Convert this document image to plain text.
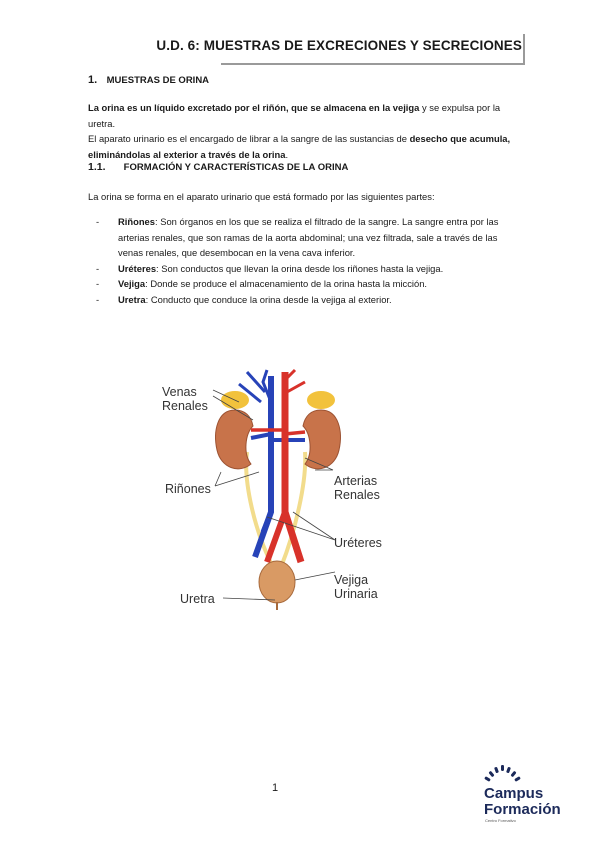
U.D. 6: MUESTRAS DE EXCRECIONES Y SECRECIONES
1. MUESTRAS DE ORINA
La orina es un líquido excretado por el riñón, que se almacena en la vejiga y se expulsa por la uretra.
El aparato urinario es el encargado de librar a la sangre de las sustancias de desecho que acumula, eliminándolas al exterior a través de la orina.
1.1. FORMACIÓN Y CARACTERÍSTICAS DE LA ORINA
La orina se forma en el aparato urinario que está formado por las siguientes partes:
-	Riñones: Son órganos en los que se realiza el filtrado de la sangre. La sangre entra por las arterias renales, que son ramas de la aorta abdominal; una vez filtrada, sale a través de las venas renales, que desembocan en la vena cava inferior.
-	Uréteres: Son conductos que llevan la orina desde los riñones hasta la vejiga.
-	Vejiga: Donde se produce el almacenamiento de la orina hasta la micción.
-	Uretra: Conducto que conduce la orina desde la vejiga al exterior.
Venas Renales
Riñones
Arterias Renales
Uréteres
Vejiga Urinaria
Uretra
1	Campus
Formación
Centro Formativo
